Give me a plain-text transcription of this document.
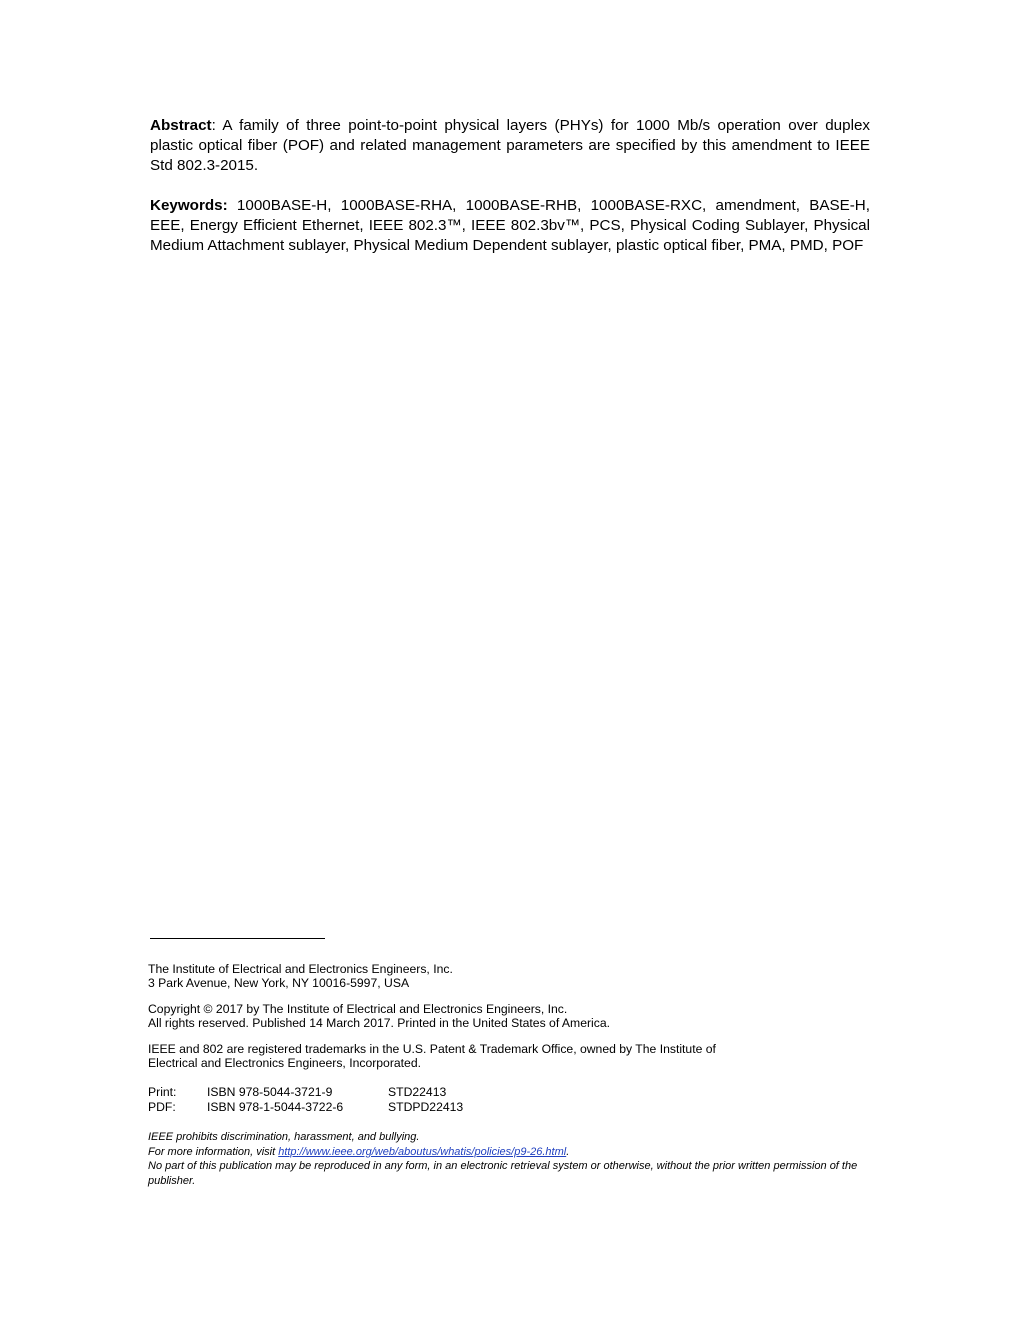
Abstract: A family of three point-to-point physical layers (PHYs) for 1000 Mb/s operation over duplex plastic optical fiber (POF) and related management parameters are specified by this amendment to IEEE Std 802.3-2015.
Keywords: 1000BASE-H, 1000BASE-RHA, 1000BASE-RHB, 1000BASE-RXC, amendment, BASE-H, EEE, Energy Efficient Ethernet, IEEE 802.3™, IEEE 802.3bv™, PCS, Physical Coding Sublayer, Physical Medium Attachment sublayer, Physical Medium Dependent sublayer, plastic optical fiber, PMA, PMD, POF
The Institute of Electrical and Electronics Engineers, Inc.
3 Park Avenue, New York, NY 10016-5997, USA
Copyright © 2017 by The Institute of Electrical and Electronics Engineers, Inc.
All rights reserved. Published 14 March 2017. Printed in the United States of America.
IEEE and 802 are registered trademarks in the U.S. Patent & Trademark Office, owned by The Institute of
Electrical and Electronics Engineers, Incorporated.
Print:	ISBN 978-5044-3721-9	STD22413
PDF:	ISBN 978-1-5044-3722-6	STDPD22413
IEEE prohibits discrimination, harassment, and bullying.
For more information, visit http://www.ieee.org/web/aboutus/whatis/policies/p9-26.html.
No part of this publication may be reproduced in any form, in an electronic retrieval system or otherwise, without the prior written permission of the publisher.
